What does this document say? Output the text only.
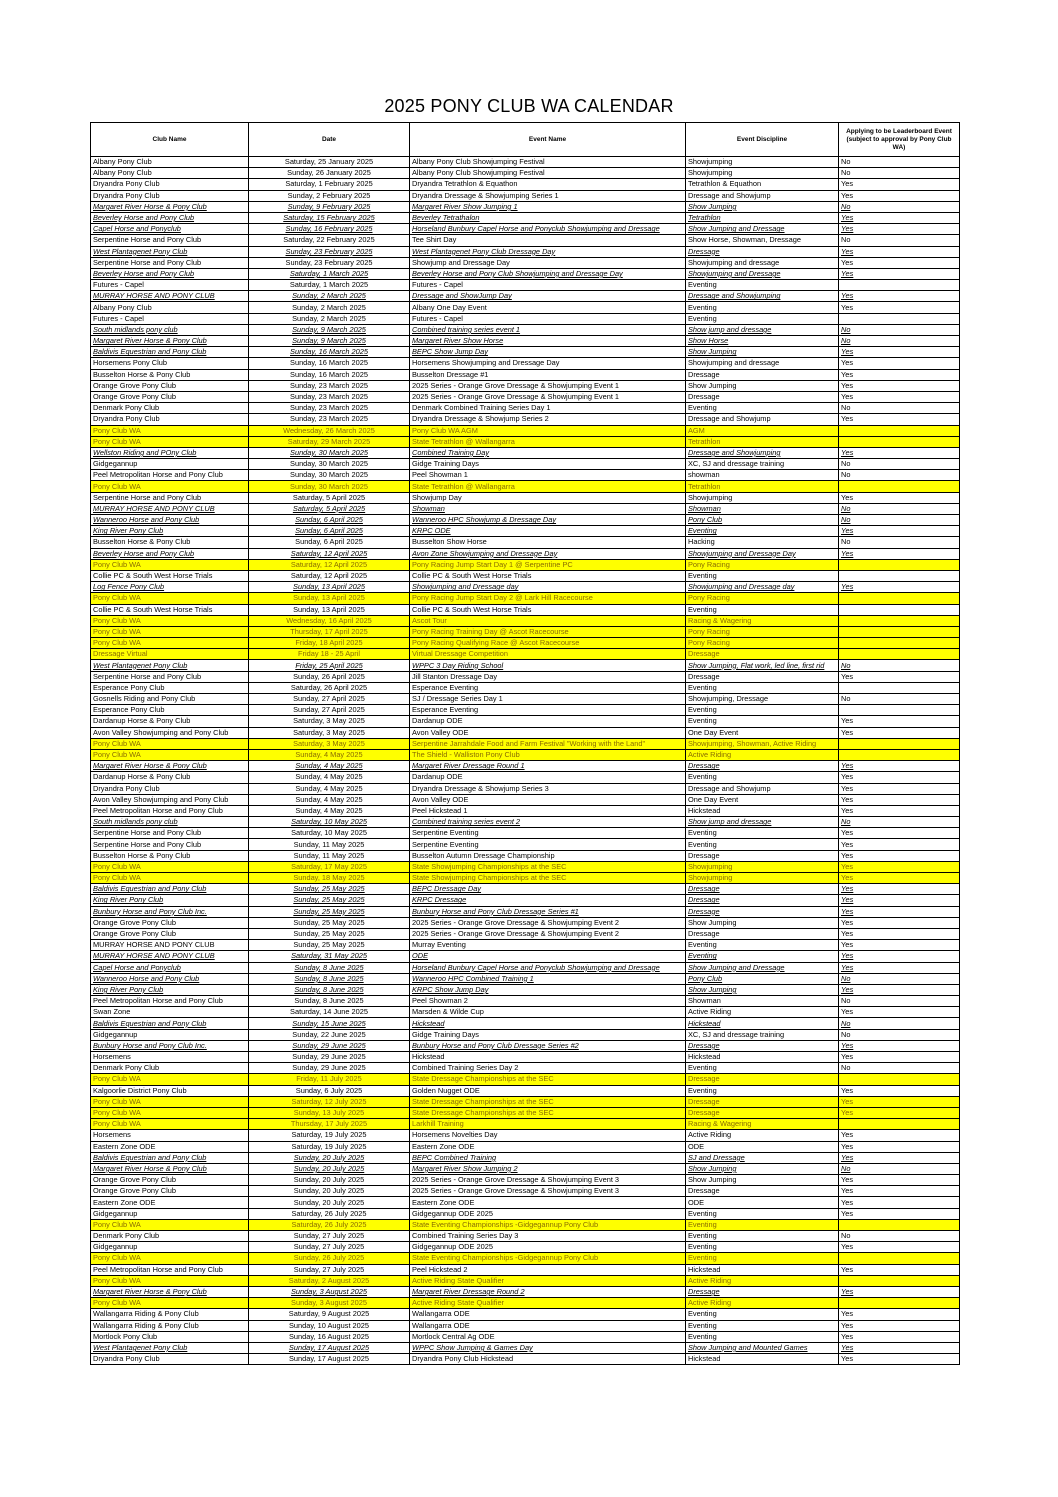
2025 PONY CLUB WA CALENDAR
Club Name	Date	Event Name	Event Discipline	Applying to be Leaderboard Event (subject to approval by Pony Club WA)
Albany Pony Club	Saturday, 25 January 2025	Albany Pony Club Showjumping Festival	Showjumping	No
Albany Pony Club	Sunday, 26 January 2025	Albany Pony Club Showjumping Festival	Showjumping	No
Dryandra Pony Club	Saturday, 1 February 2025	Dryandra Tetrathlon & Equathon	Tetrathlon & Equathon	Yes
Dryandra Pony Club	Sunday, 2 February 2025	Dryandra Dressage & Showjumping Series 1	Dressage and Showjump	Yes
Margaret River Horse & Pony Club	Sunday, 9 February 2025	Margaret River Show Jumping 1	Show Jumping	No
Beverley Horse and Pony Club	Saturday, 15 February 2025	Beverley Tetrathalon	Tetrathlon	Yes
Capel Horse and Ponyclub	Sunday, 16 February 2025	Horseland Bunbury Capel Horse and Ponyclub Showjumping and Dressage	Show Jumping and Dressage	Yes
Serpentine Horse and Pony Club	Saturday, 22 February 2025	Tee Shirt Day	Show Horse, Showman, Dressage	No
West Plantagenet Pony Club	Sunday, 23 February 2025	West Plantagenet Pony Club Dressage Day	Dressage	Yes
Serpentine Horse and Pony Club	Sunday, 23 February 2025	Showjump and Dressage Day	Showjumping and dressage	Yes
Beverley Horse and Pony Club	Saturday, 1 March 2025	Beverley Horse and Pony Club Showjumping and Dressage Day	Showjumping and Dressage	Yes
Futures - Capel	Saturday, 1 March 2025	Futures - Capel	Eventing	
MURRAY HORSE AND PONY CLUB	Sunday, 2 March 2025	Dressage and ShowJump Day	Dressage and Showjumping	Yes
Albany Pony Club	Sunday, 2 March 2025	Albany One Day Event	Eventing	Yes
Futures - Capel	Sunday, 2 March 2025	Futures - Capel	Eventing	
South midlands pony club	Sunday, 9 March 2025	Combined training series event 1	Show jump and dressage	No
Margaret River Horse & Pony Club	Sunday, 9 March 2025	Margaret River Show Horse	Show Horse	No
Baldivis Equestrian and Pony Club	Sunday, 16 March 2025	BEPC Show Jump Day	Show Jumping	Yes
Horsemens Pony Club	Sunday, 16 March 2025	Horsemens Showjumping and Dressage Day	Showjumping and dressage	Yes
Busselton Horse & Pony Club	Sunday, 16 March 2025	Busselton Dressage #1	Dressage	Yes
Orange Grove Pony Club	Sunday, 23 March 2025	2025 Series - Orange Grove Dressage & Showjumping Event 1	Show Jumping	Yes
Orange Grove Pony Club	Sunday, 23 March 2025	2025 Series - Orange Grove Dressage & Showjumping Event 1	Dressage	Yes
Denmark Pony Club	Sunday, 23 March 2025	Denmark Combined Training Series Day 1	Eventing	No
Dryandra Pony Club	Sunday, 23 March 2025	Dryandra Dressage & Showjump Series 2	Dressage and Showjump	Yes
Pony Club WA	Wednesday, 26 March 2025	Pony Club WA AGM	AGM	
Pony Club WA	Saturday, 29 March 2025	State Tetrathlon @ Wallangarra	Tetrathlon	
Wellston Riding and POny Club	Sunday, 30 March 2025	Combined Training Day	Dressage and Showjumping	Yes
Gidgegannup	Sunday, 30 March 2025	Gidge Training Days	XC, SJ and dressage training	No
Peel Metropolitan Horse and Pony Club	Sunday, 30 March 2025	Peel Showman 1	showman	No
Pony Club WA	Sunday, 30 March 2025	State Tetrathlon @ Wallangarra	Tetrathlon	
Serpentine Horse and Pony Club	Saturday, 5 April 2025	Showjump Day	Showjumping	Yes
MURRAY HORSE AND PONY CLUB	Saturday, 5 April 2025	Showman	Showman	No
Wanneroo Horse and Pony Club	Sunday, 6 April 2025	Wanneroo HPC Showjump & Dressage Day	Pony Club	No
King River Pony Club	Sunday, 6 April 2025	KRPC ODE	Eventing	Yes
Busselton Horse & Pony Club	Sunday, 6 April 2025	Busselton Show Horse	Hacking	No
Beverley Horse and Pony Club	Saturday, 12 April 2025	Avon Zone Showjumping and Dressage Day	Showjumping and Dressage Day	Yes
Pony Club WA	Saturday, 12 April 2025	Pony Racing Jump Start Day 1 @ Serpentine PC	Pony Racing	
Collie PC & South West Horse Trials	Saturday, 12 April 2025	Collie PC & South West Horse Trials	Eventing	
Log Fence Pony Club	Sunday, 13 April 2025	Showjumping and Dressage day	Showjumping and Dressage day	Yes
Pony Club WA	Sunday, 13 April 2025	Pony Racing Jump Start Day 2 @ Lark Hill Racecourse	Pony Racing	
Collie PC & South West Horse Trials	Sunday, 13 April 2025	Collie PC & South West Horse Trials	Eventing	
Pony Club WA	Wednesday, 16 April 2025	Ascot Tour	Racing & Wagering	
Pony Club WA	Thursday, 17 April 2025	Pony Racing Training Day @ Ascot Racecourse	Pony Racing	
Pony Club WA	Friday, 18 April 2025	Pony Racing Qualifying Race @ Ascot Racecourse	Pony Racing	
Dressage Virtual	Friday 18 - 25 April	Virtual Dressage Competition	Dressage	
West Plantagenet Pony Club	Friday, 25 April 2025	WPPC 3 Day Riding School	Show Jumping, Flat work, led line, first rid	No
Serpentine Horse and Pony Club	Sunday, 26 April 2025	Jill Stanton Dressage Day	Dressage	Yes
Esperance Pony Club	Saturday, 26 April 2025	Esperance Eventing	Eventing	
Gosnells Riding and Pony Club	Sunday, 27 April 2025	SJ / Dressage Series Day 1	Showjumping, Dressage	No
Esperance Pony Club	Sunday, 27 April 2025	Esperance Eventing	Eventing	
Dardanup Horse & Pony Club	Saturday, 3 May 2025	Dardanup ODE	Eventing	Yes
Avon Valley Showjumping and Pony Club	Saturday, 3 May 2025	Avon Valley ODE	One Day Event	Yes
Pony Club WA	Saturday, 3 May 2025	Serpentine Jarrahdale Food and Farm Festival "Working with the Land"	Showjumping, Showman, Active Riding	
Pony Club WA	Sunday, 4 May 2025	The Shield - Walliston Pony Club	Active Riding	
Margaret River Horse & Pony Club	Sunday, 4 May 2025	Margaret River Dressage Round 1	Dressage	Yes
Dardanup Horse & Pony Club	Sunday, 4 May 2025	Dardanup ODE	Eventing	Yes
Dryandra Pony Club	Sunday, 4 May 2025	Dryandra Dressage & Showjump Series 3	Dressage and Showjump	Yes
Avon Valley Showjumping and Pony Club	Sunday, 4 May 2025	Avon Valley ODE	One Day Event	Yes
Peel Metropolitan Horse and Pony Club	Sunday, 4 May 2025	Peel Hickstead 1	Hickstead	Yes
South midlands pony club	Saturday, 10 May 2025	Combined training series event 2	Show jump and dressage	No
Serpentine Horse and Pony Club	Saturday, 10 May 2025	Serpentine Eventing	Eventing	Yes
Serpentine Horse and Pony Club	Sunday, 11 May 2025	Serpentine Eventing	Eventing	Yes
Busselton Horse & Pony Club	Sunday, 11 May 2025	Busselton Autumn Dressage Championship	Dressage	Yes
Pony Club WA	Saturday, 17 May 2025	State Showjumping Championships at the SEC	Showjumping	Yes
Pony Club WA	Sunday, 18 May 2025	State Showjumping Championships at the SEC	Showjumping	Yes
Baldivis Equestrian and Pony Club	Sunday, 25 May 2025	BEPC Dressage Day	Dressage	Yes
King River Pony Club	Sunday, 25 May 2025	KRPC Dressage	Dressage	Yes
Bunbury Horse and Pony Club Inc.	Sunday, 25 May 2025	Bunbury Horse and Pony Club Dressage Series #1	Dressage	Yes
Orange Grove Pony Club	Sunday, 25 May 2025	2025 Series - Orange Grove Dressage & Showjumping Event 2	Show Jumping	Yes
Orange Grove Pony Club	Sunday, 25 May 2025	2025 Series - Orange Grove Dressage & Showjumping Event 2	Dressage	Yes
MURRAY HORSE AND PONY CLUB	Sunday, 25 May 2025	Murray Eventing	Eventing	Yes
MURRAY HORSE AND PONY CLUB	Saturday, 31 May 2025	ODE	Eventing	Yes
Capel Horse and Ponyclub	Sunday, 8 June 2025	Horseland Bunbury Capel Horse and Ponyclub Showjumping and Dressage	Show Jumping and Dressage	Yes
Wanneroo Horse and Pony Club	Sunday, 8 June 2025	Wanneroo HPC Combined Training 1	Pony Club	No
King River Pony Club	Sunday, 8 June 2025	KRPC Show Jump Day	Show Jumping	Yes
Peel Metropolitan Horse and Pony Club	Sunday, 8 June 2025	Peel Showman 2	Showman	No
Swan Zone	Saturday, 14 June 2025	Marsden & Wilde Cup	Active Riding	Yes
Baldivis Equestrian and Pony Club	Sunday, 15 June 2025	Hickstead	Hickstead	No
Gidgegannup	Sunday, 22 June 2025	Gidge Training Days	XC, SJ and dressage training	No
Bunbury Horse and Pony Club Inc.	Sunday, 29 June 2025	Bunbury Horse and Pony Club Dressage Series #2	Dressage	Yes
Horsemens	Sunday, 29 June 2025	Hickstead	Hickstead	Yes
Denmark Pony Club	Sunday, 29 June 2025	Combined Training Series Day 2	Eventing	No
Pony Club WA	Friday, 11 July 2025	State Dressage Championships at the SEC	Dressage	
Kalgoorlie District Pony Club	Sunday, 6 July 2025	Golden Nugget ODE	Eventing	Yes
Pony Club WA	Saturday, 12 July 2025	State Dressage Championships at the SEC	Dressage	Yes
Pony Club WA	Sunday, 13 July 2025	State Dressage Championships at the SEC	Dressage	Yes
Pony Club WA	Thursday, 17 July 2025	Larkhill Training	Racing & Wagering	
Horsemens	Saturday, 19 July 2025	Horsemens Novelties Day	Active Riding	Yes
Eastern Zone ODE	Saturday, 19 July 2025	Eastern Zone ODE	ODE	Yes
Baldivis Equestrian and Pony Club	Sunday, 20 July 2025	BEPC Combined Training	SJ and Dressage	Yes
Margaret River Horse & Pony Club	Sunday, 20 July 2025	Margaret River Show Jumping 2	Show Jumping	No
Orange Grove Pony Club	Sunday, 20 July 2025	2025 Series - Orange Grove Dressage & Showjumping Event 3	Show Jumping	Yes
Orange Grove Pony Club	Sunday, 20 July 2025	2025 Series - Orange Grove Dressage & Showjumping Event 3	Dressage	Yes
Eastern Zone ODE	Sunday, 20 July 2025	Eastern Zone ODE	ODE	Yes
Gidgegannup	Saturday, 26 July 2025	Gidgegannup ODE 2025	Eventing	Yes
Pony Club WA	Saturday, 26 July 2025	State Eventing Championships -Gidgegannup Pony Club	Eventing	
Denmark Pony Club	Sunday, 27 July 2025	Combined Training Series Day 3	Eventing	No
Gidgegannup	Sunday, 27 July 2025	Gidgegannup ODE 2025	Eventing	Yes
Pony Club WA	Sunday, 26 July 2025	State Eventing Championships -Gidgegannup Pony Club	Eventing	
Peel Metropolitan Horse and Pony Club	Sunday, 27 July 2025	Peel Hickstead 2	Hickstead	Yes
Pony Club WA	Saturday, 2 August 2025	Active Riding State Qualifier	Active Riding	
Margaret River Horse & Pony Club	Sunday, 3 August 2025	Margaret River Dressage Round 2	Dressage	Yes
Pony Club WA	Sunday, 3 August 2025	Active Riding State Qualifier	Active Riding	
Wallangarra Riding & Pony Club	Saturday, 9 August 2025	Wallangarra ODE	Eventing	Yes
Wallangarra Riding & Pony Club	Sunday, 10 August 2025	Wallangarra ODE	Eventing	Yes
Mortlock Pony Club	Sunday, 16 August 2025	Mortlock Central Ag ODE	Eventing	Yes
West Plantagenet Pony Club	Sunday, 17 August 2025	WPPC Show Jumping & Games Day	Show Jumping and Mounted Games	Yes
Dryandra Pony Club	Sunday, 17 August 2025	Dryandra Pony Club Hickstead	Hickstead	Yes
